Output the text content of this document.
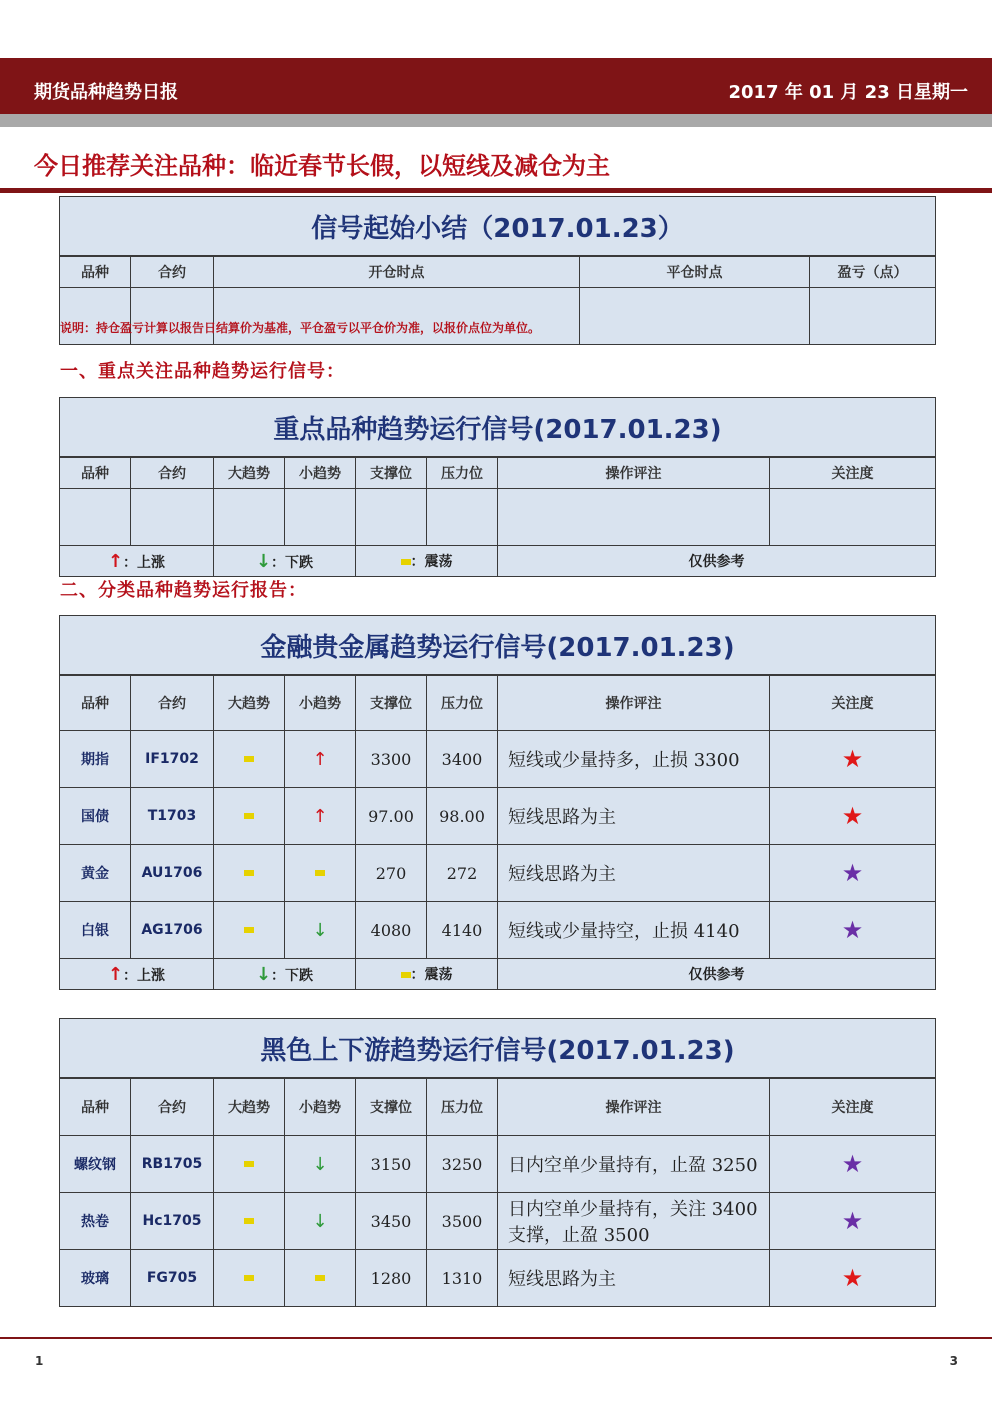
期货品种趋势日报	2017 年 01 月 23 日星期一
今日推荐关注品种：临近春节长假，以短线及减仓为主
信号起始小结（2017.01.23）				
品种	合约	开仓时点	平仓时点	盈亏（点）

说明：持仓盈亏计算以报告日结算价为基准，平仓盈亏以平仓价为准，以报价点位为单位。
一、重点关注品种趋势运行信号：
重点品种趋势运行信号(2017.01.23)							
品种	合约	大趋势	小趋势	支撑位	压力位	操作评注	关注度

↑：上涨		↓：下跌		：震荡		仅供参考	
二、分类品种趋势运行报告：
金融贵金属趋势运行信号(2017.01.23)							
品种	合约	大趋势	小趋势	支撑位	压力位	操作评注	关注度
期指	IF1702		↑	3300	3400	短线或少量持多，止损 3300	★
国债	T1703		↑	97.00	98.00	短线思路为主	★
黄金	AU1706			270	272	短线思路为主	★
白银	AG1706		↓	4080	4140	短线或少量持空，止损 4140	★
↑：上涨		↓：下跌		：震荡		仅供参考	
黑色上下游趋势运行信号(2017.01.23)							
品种	合约	大趋势	小趋势	支撑位	压力位	操作评注	关注度
螺纹钢	RB1705		↓	3150	3250	日内空单少量持有，止盈 3250	★
热卷	Hc1705		↓	3450	3500	日内空单少量持有，关注 3400 支撑，止盈 3500	★
玻璃	FG705			1280	1310	短线思路为主	★
1	3
